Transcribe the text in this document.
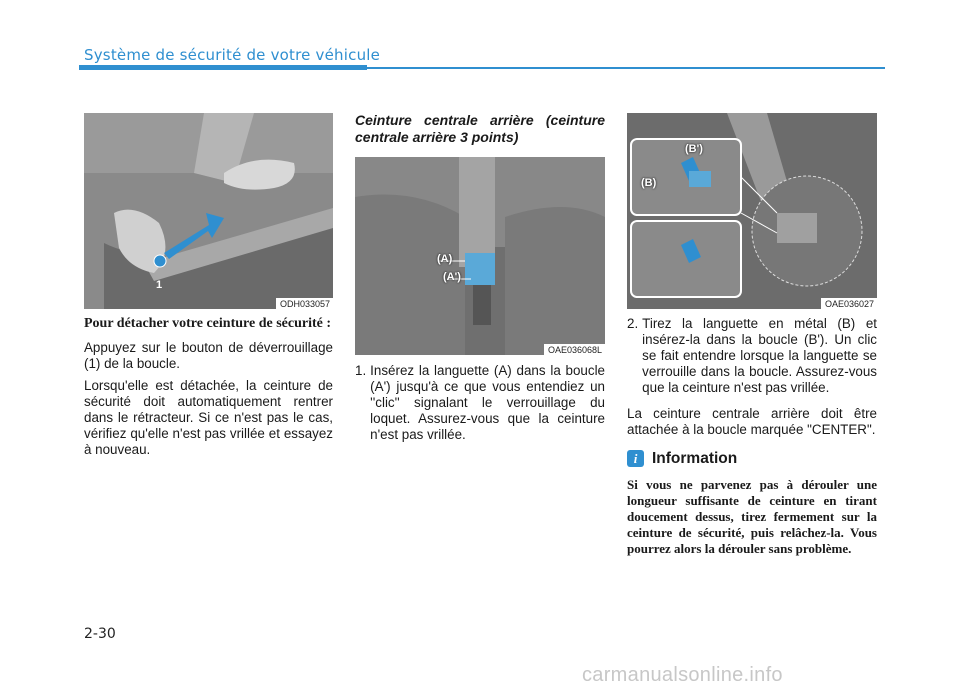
Système de sécurité de votre véhicule
1
ODH033057
(A)
(A')
OAE036068L
(B')
(B)
OAE036027
Pour détacher votre ceinture de sécurité :
Appuyez sur le bouton de déverrouillage (1) de la boucle.
Lorsqu'elle est détachée, la ceinture de sécurité doit automatiquement rentrer dans le rétracteur. Si ce n'est pas le cas, vérifiez qu'elle n'est pas vrillée et essayez à nouveau.
Ceinture centrale arrière (ceinture centrale arrière 3 points)
1. Insérez la languette (A) dans la boucle (A') jusqu'à ce que vous entendiez un ''clic'' signalant le verrouillage du loquet. Assurez-vous que la ceinture n'est pas vrillée.
2. Tirez la languette en métal (B) et insérez-la dans la boucle (B'). Un clic se fait entendre lorsque la languette se verrouille dans la boucle. Assurez-vous que la ceinture n'est pas vrillée.
La ceinture centrale arrière doit être attachée à la boucle marquée "CENTER".
i Information
Si vous ne parvenez pas à dérouler une longueur suffisante de ceinture en tirant doucement dessus, tirez fermement sur la ceinture de sécurité, puis relâchez-la. Vous pourrez alors la dérouler sans problème.
2-30
carmanualsonline.info
